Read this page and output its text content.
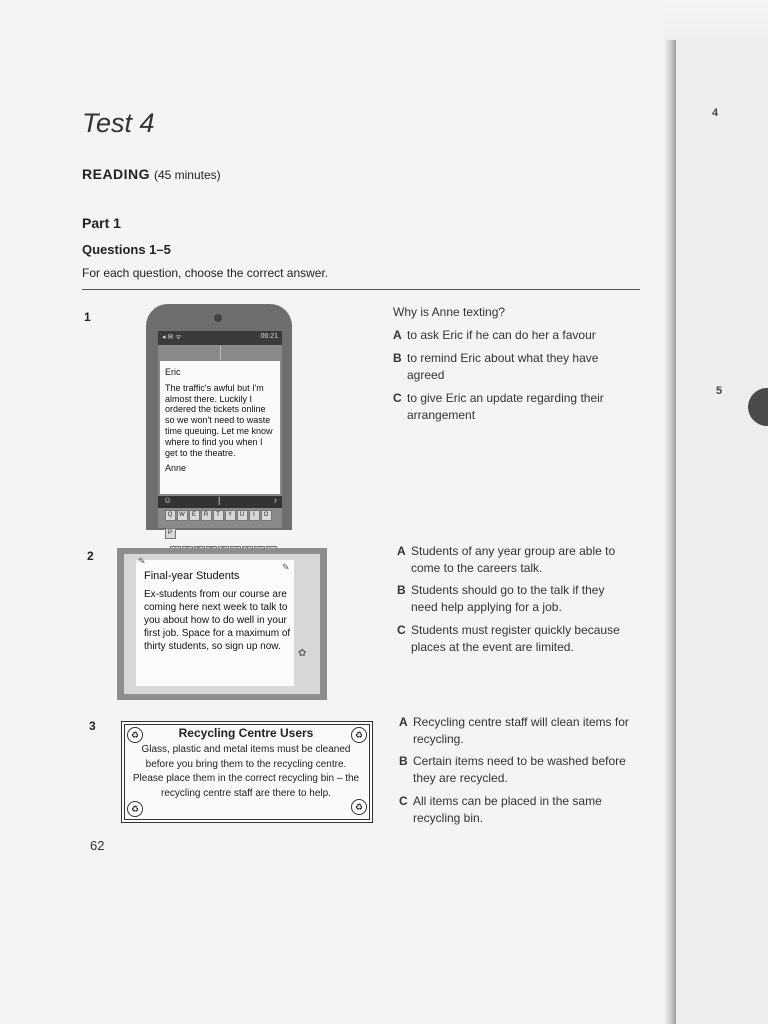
Test 4
READING (45 minutes)
Part 1
Questions 1–5
For each question, choose the correct answer.
4
5
1
◂ ✉ ᯤ	06:21
Eric
The traffic's awful but I'm almost there. Luckily I ordered the tickets online so we won't need to waste time queuing. Let me know where to find you when I get to the theatre.
Anne
☺	|	›
Q W E R T Y U I OP
Why is Anne texting?
A to ask Eric if he can do her a favour
B to remind Eric about what they have agreed
C to give Eric an update regarding their arrangement
2
Final-year Students
Ex-students from our course are coming here next week to talk to you about how to do well in your first job. Space for a maximum of thirty students, so sign up now.
✎
✎
✿
A Students of any year group are able to come to the careers talk.
B Students should go to the talk if they need help applying for a job.
C Students must register quickly because places at the event are limited.
3
♻	♻
♻	♻
Recycling Centre Users
Glass, plastic and metal items must be cleaned before you bring them to the recycling centre. Please place them in the correct recycling bin – the recycling centre staff are there to help.
A Recycling centre staff will clean items for recycling.
B Certain items need to be washed before they are recycled.
C All items can be placed in the same recycling bin.
62
